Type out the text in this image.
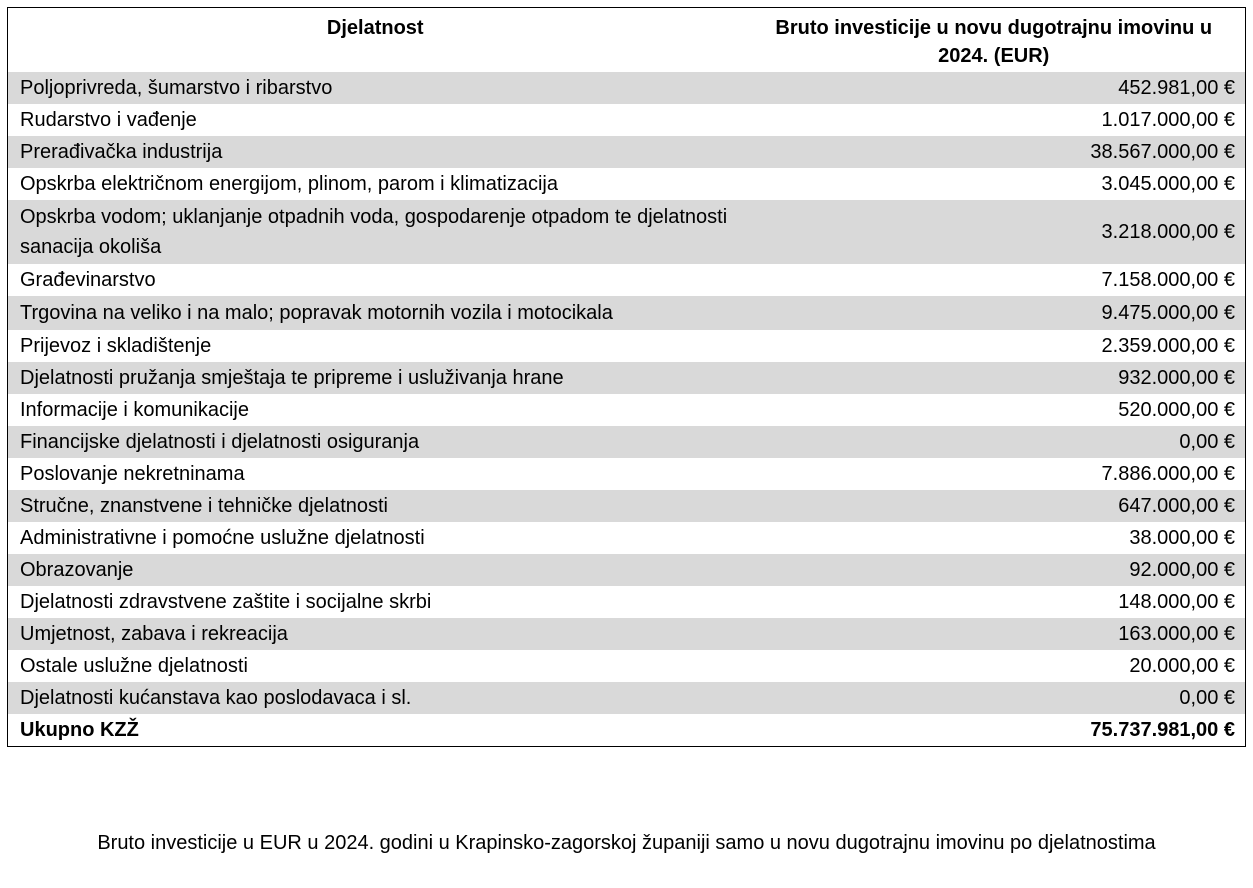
Djelatnost	Bruto investicije u novu dugotrajnu imovinu u 2024. (EUR)
Poljoprivreda, šumarstvo i ribarstvo	452.981,00 €
Rudarstvo i vađenje	1.017.000,00 €
Prerađivačka industrija	38.567.000,00 €
Opskrba električnom energijom, plinom, parom i klimatizacija	3.045.000,00 €
Opskrba vodom; uklanjanje otpadnih voda, gospodarenje otpadom te djelatnosti sanacija okoliša	3.218.000,00 €
Građevinarstvo	7.158.000,00 €
Trgovina na veliko i na malo; popravak motornih vozila i motocikala	9.475.000,00 €
Prijevoz i skladištenje	2.359.000,00 €
Djelatnosti pružanja smještaja te pripreme i usluživanja hrane	932.000,00 €
Informacije i komunikacije	520.000,00 €
Financijske djelatnosti i djelatnosti osiguranja	0,00 €
Poslovanje nekretninama	7.886.000,00 €
Stručne, znanstvene i tehničke djelatnosti	647.000,00 €
Administrativne i pomoćne uslužne djelatnosti	38.000,00 €
Obrazovanje	92.000,00 €
Djelatnosti zdravstvene zaštite i socijalne skrbi	148.000,00 €
Umjetnost, zabava i rekreacija	163.000,00 €
Ostale uslužne djelatnosti	20.000,00 €
Djelatnosti kućanstava kao poslodavaca i sl.	0,00 €
Ukupno KZŽ	75.737.981,00 €
Bruto investicije u EUR u 2024. godini u Krapinsko-zagorskoj županiji samo u novu dugotrajnu imovinu po djelatnostima
